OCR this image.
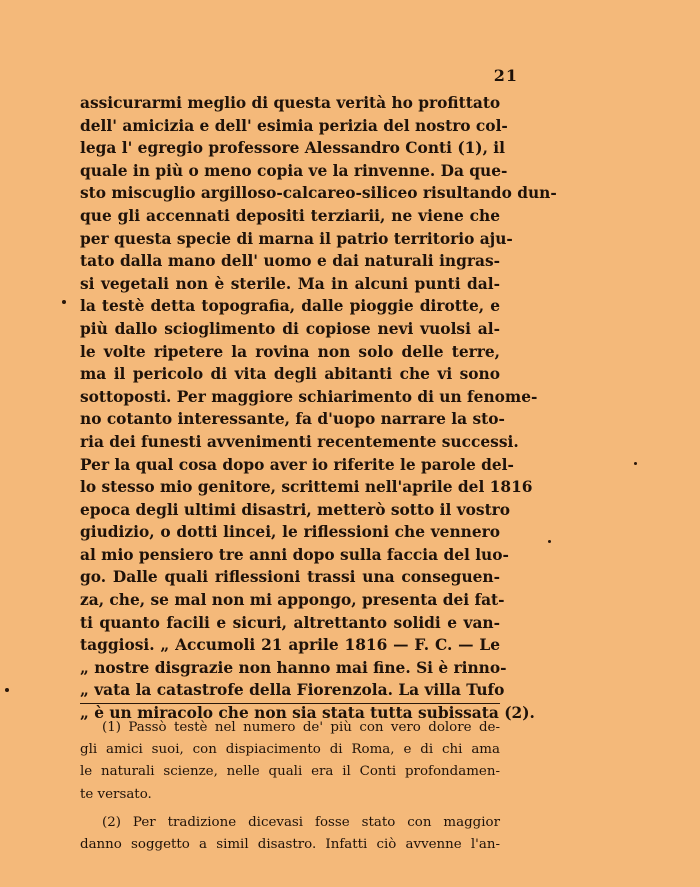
21
assicurarmi meglio di questa verità ho profittato
dell' amicizia e dell' esimia perizia del nostro col-
lega l' egregio professore Alessandro Conti (1), il
quale in più o meno copia ve la rinvenne. Da que-
sto miscuglio argilloso-calcareo-siliceo risultando dun-
que gli accennati depositi terziarii, ne viene che
per questa specie di marna il patrio territorio aju-
tato dalla mano dell' uomo e dai naturali ingras-
si vegetali non è sterile. Ma in alcuni punti dal-
la testè detta topografia, dalle pioggie dirotte, e
più dallo scioglimento di copiose nevi vuolsi al-
le volte ripetere la rovina non solo delle terre,
ma il pericolo di vita degli abitanti che vi sono
sottoposti. Per maggiore schiarimento di un fenome-
no cotanto interessante, fa d'uopo narrare la sto-
ria dei funesti avvenimenti recentemente successi.
Per la qual cosa dopo aver io riferite le parole del-
lo stesso mio genitore, scrittemi nell'aprile del 1816
epoca degli ultimi disastri, metterò sotto il vostro
giudizio, o dotti lincei, le riflessioni che vennero
al mio pensiero tre anni dopo sulla faccia del luo-
go. Dalle quali riflessioni trassi una conseguen-
za, che, se mal non mi appongo, presenta dei fat-
ti quanto facili e sicuri, altrettanto solidi e van-
taggiosi. „ Accumoli 21 aprile 1816 — F. C. — Le
„ nostre disgrazie non hanno mai fine. Si è rinno-
„ vata la catastrofe della Fiorenzola. La villa Tufo
„ è un miracolo che non sia stata tutta subissata (2).
(1) Passò testè nel numero de' più con vero dolore de-
gli amici suoi, con dispiacimento di Roma, e di chi ama
le naturali scienze, nelle quali era il Conti profondamen-
te versato.
(2) Per tradizione dicevasi fosse stato con maggior
danno soggetto a simil disastro. Infatti ciò avvenne l'an-
